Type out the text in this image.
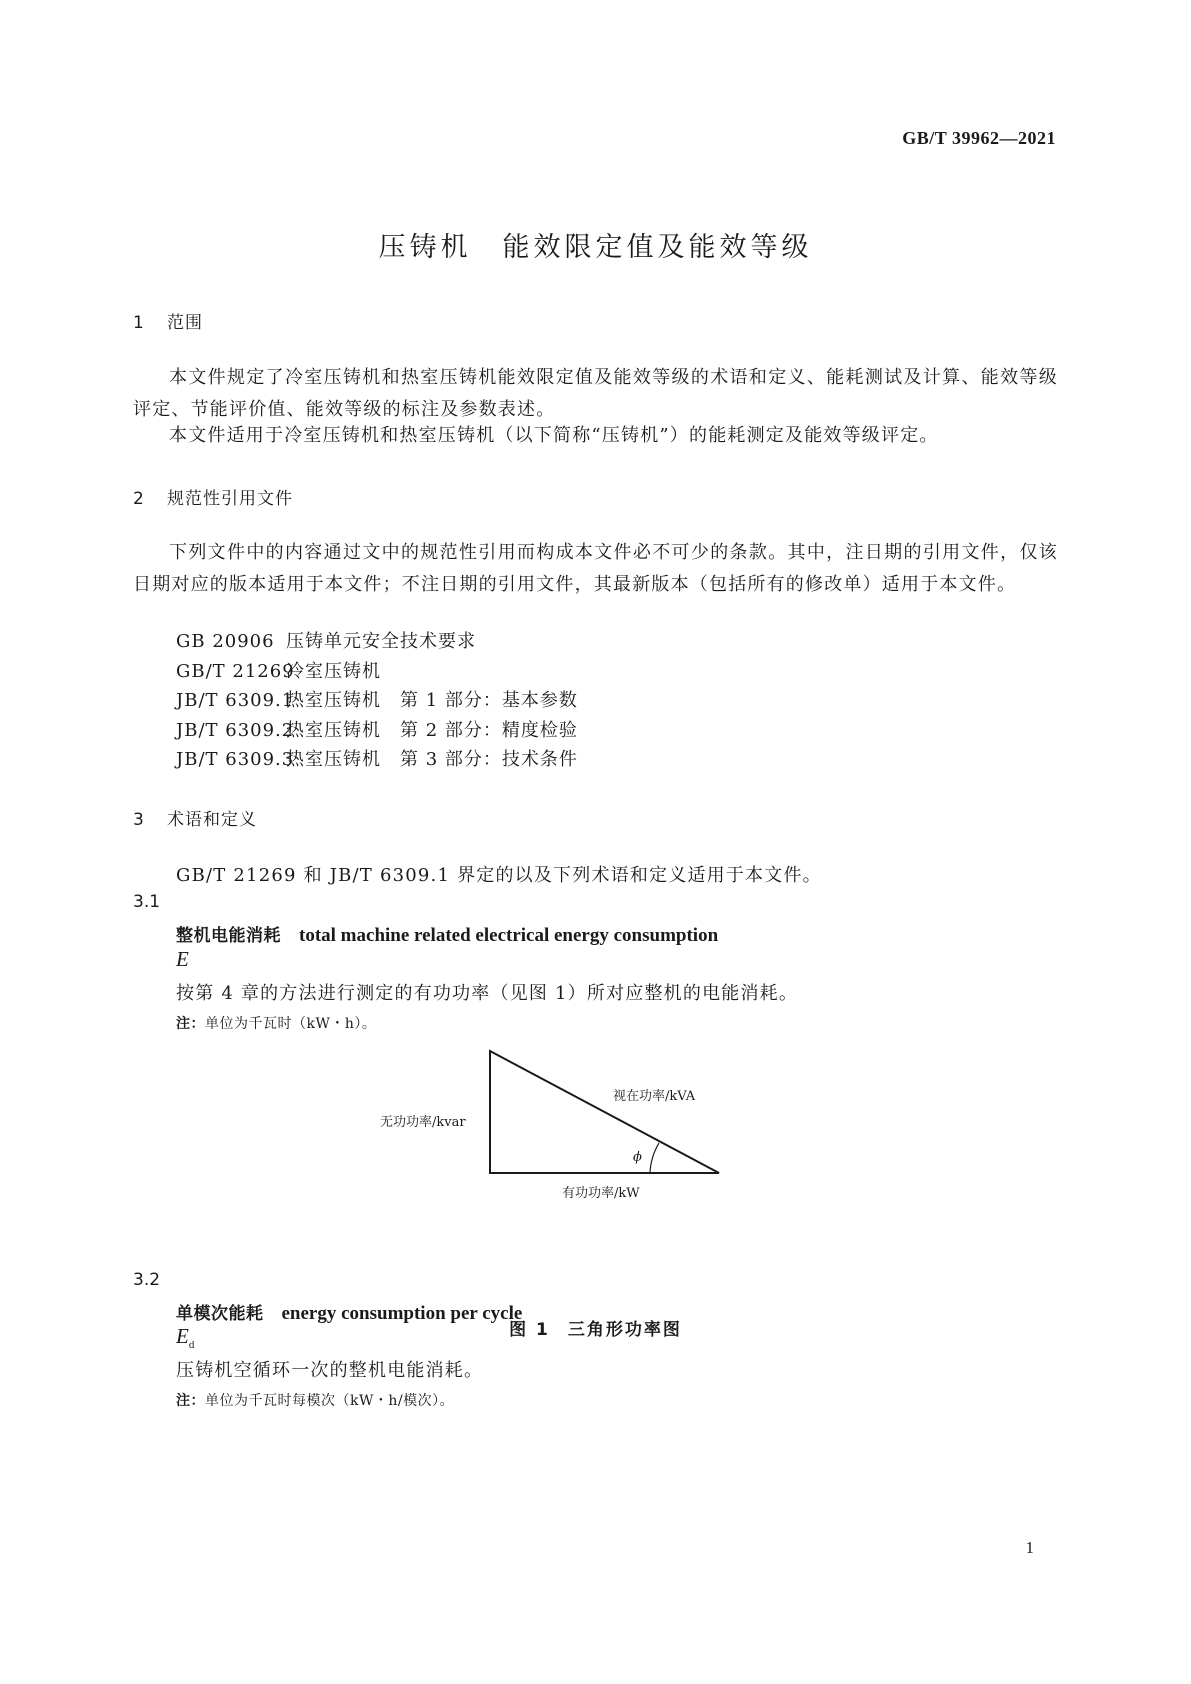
GB/T 39962—2021
压铸机　能效限定值及能效等级
1 范围
本文件规定了冷室压铸机和热室压铸机能效限定值及能效等级的术语和定义、能耗测试及计算、能效等级评定、节能评价值、能效等级的标注及参数表述。
本文件适用于冷室压铸机和热室压铸机（以下简称“压铸机”）的能耗测定及能效等级评定。
2 规范性引用文件
下列文件中的内容通过文中的规范性引用而构成本文件必不可少的条款。其中，注日期的引用文件，仅该日期对应的版本适用于本文件；不注日期的引用文件，其最新版本（包括所有的修改单）适用于本文件。
GB 20906 压铸单元安全技术要求
GB/T 21269冷室压铸机
JB/T 6309.1热室压铸机　第 1 部分：基本参数
JB/T 6309.2热室压铸机　第 2 部分：精度检验
JB/T 6309.3热室压铸机　第 3 部分：技术条件
3 术语和定义
GB/T 21269 和 JB/T 6309.1 界定的以及下列术语和定义适用于本文件。
3.1
整机电能消耗 total machine related electrical energy consumption
E
按第 4 章的方法进行测定的有功功率（见图 1）所对应整机的电能消耗。
注：单位为千瓦时（kW・h）。
ϕ
无功功率/kvar
视在功率/kVA
有功功率/kW
图 1 三角形功率图
3.2
单模次能耗 energy consumption per cycle
$E_d$
压铸机空循环一次的整机电能消耗。
注：单位为千瓦时每模次（kW・h/模次）。
1
